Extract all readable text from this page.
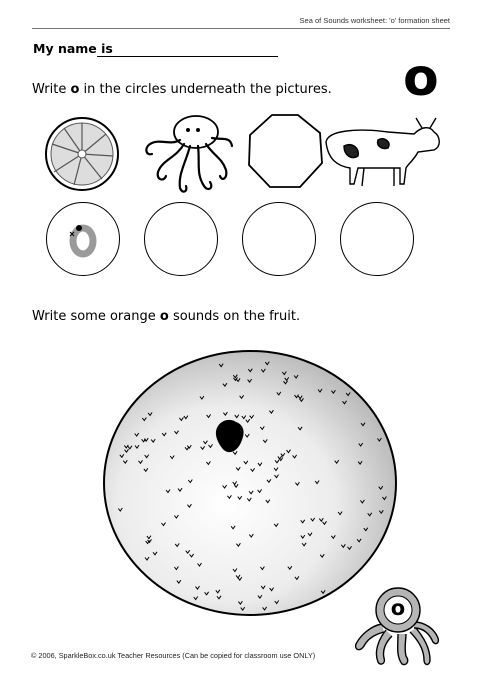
Sea of Sounds worksheet: 'o' formation sheet
My name is	o
Write o in the circles underneath the pictures.
Write some orange o sounds on the fruit.
o
© 2006, SparkleBox.co.uk Teacher Resources (Can be copied for classroom use ONLY)
